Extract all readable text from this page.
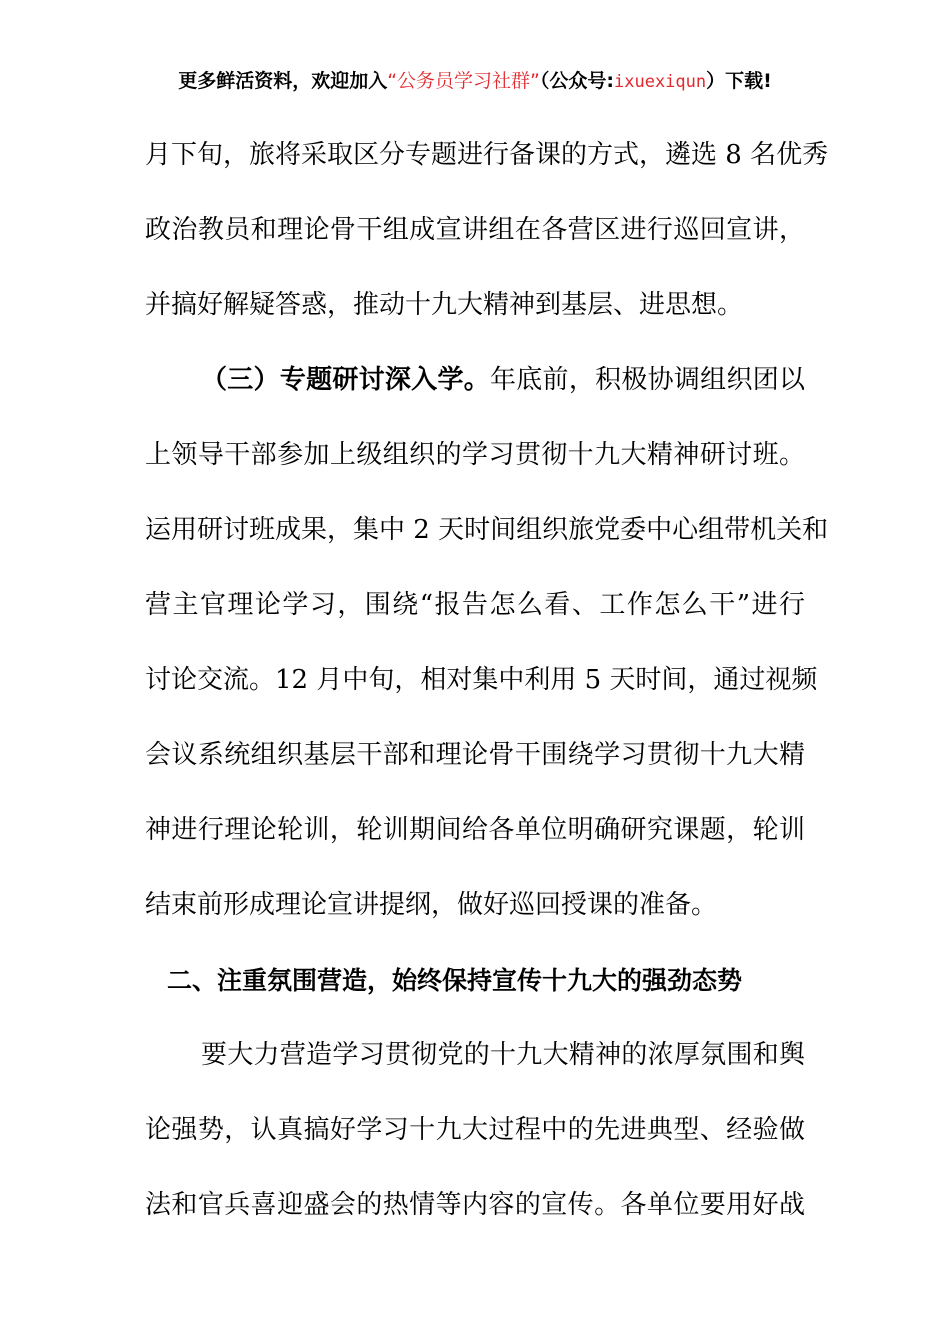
更多鲜活资料，欢迎加入“公务员学习社群”（公众号:ixuexiqun）下载!
月下旬，旅将采取区分专题进行备课的方式，遴选 8 名优秀
政治教员和理论骨干组成宣讲组在各营区进行巡回宣讲，
并搞好解疑答惑，推动十九大精神到基层、进思想。
（三）专题研讨深入学。年底前，积极协调组织团以
上领导干部参加上级组织的学习贯彻十九大精神研讨班。
运用研讨班成果，集中 2 天时间组织旅党委中心组带机关和
营主官理论学习，围绕“报告怎么看、工作怎么干”进行
讨论交流。12 月中旬，相对集中利用 5 天时间，通过视频
会议系统组织基层干部和理论骨干围绕学习贯彻十九大精
神进行理论轮训，轮训期间给各单位明确研究课题，轮训
结束前形成理论宣讲提纲，做好巡回授课的准备。
二、注重氛围营造，始终保持宣传十九大的强劲态势
要大力营造学习贯彻党的十九大精神的浓厚氛围和舆
论强势，认真搞好学习十九大过程中的先进典型、经验做
法和官兵喜迎盛会的热情等内容的宣传。各单位要用好战
